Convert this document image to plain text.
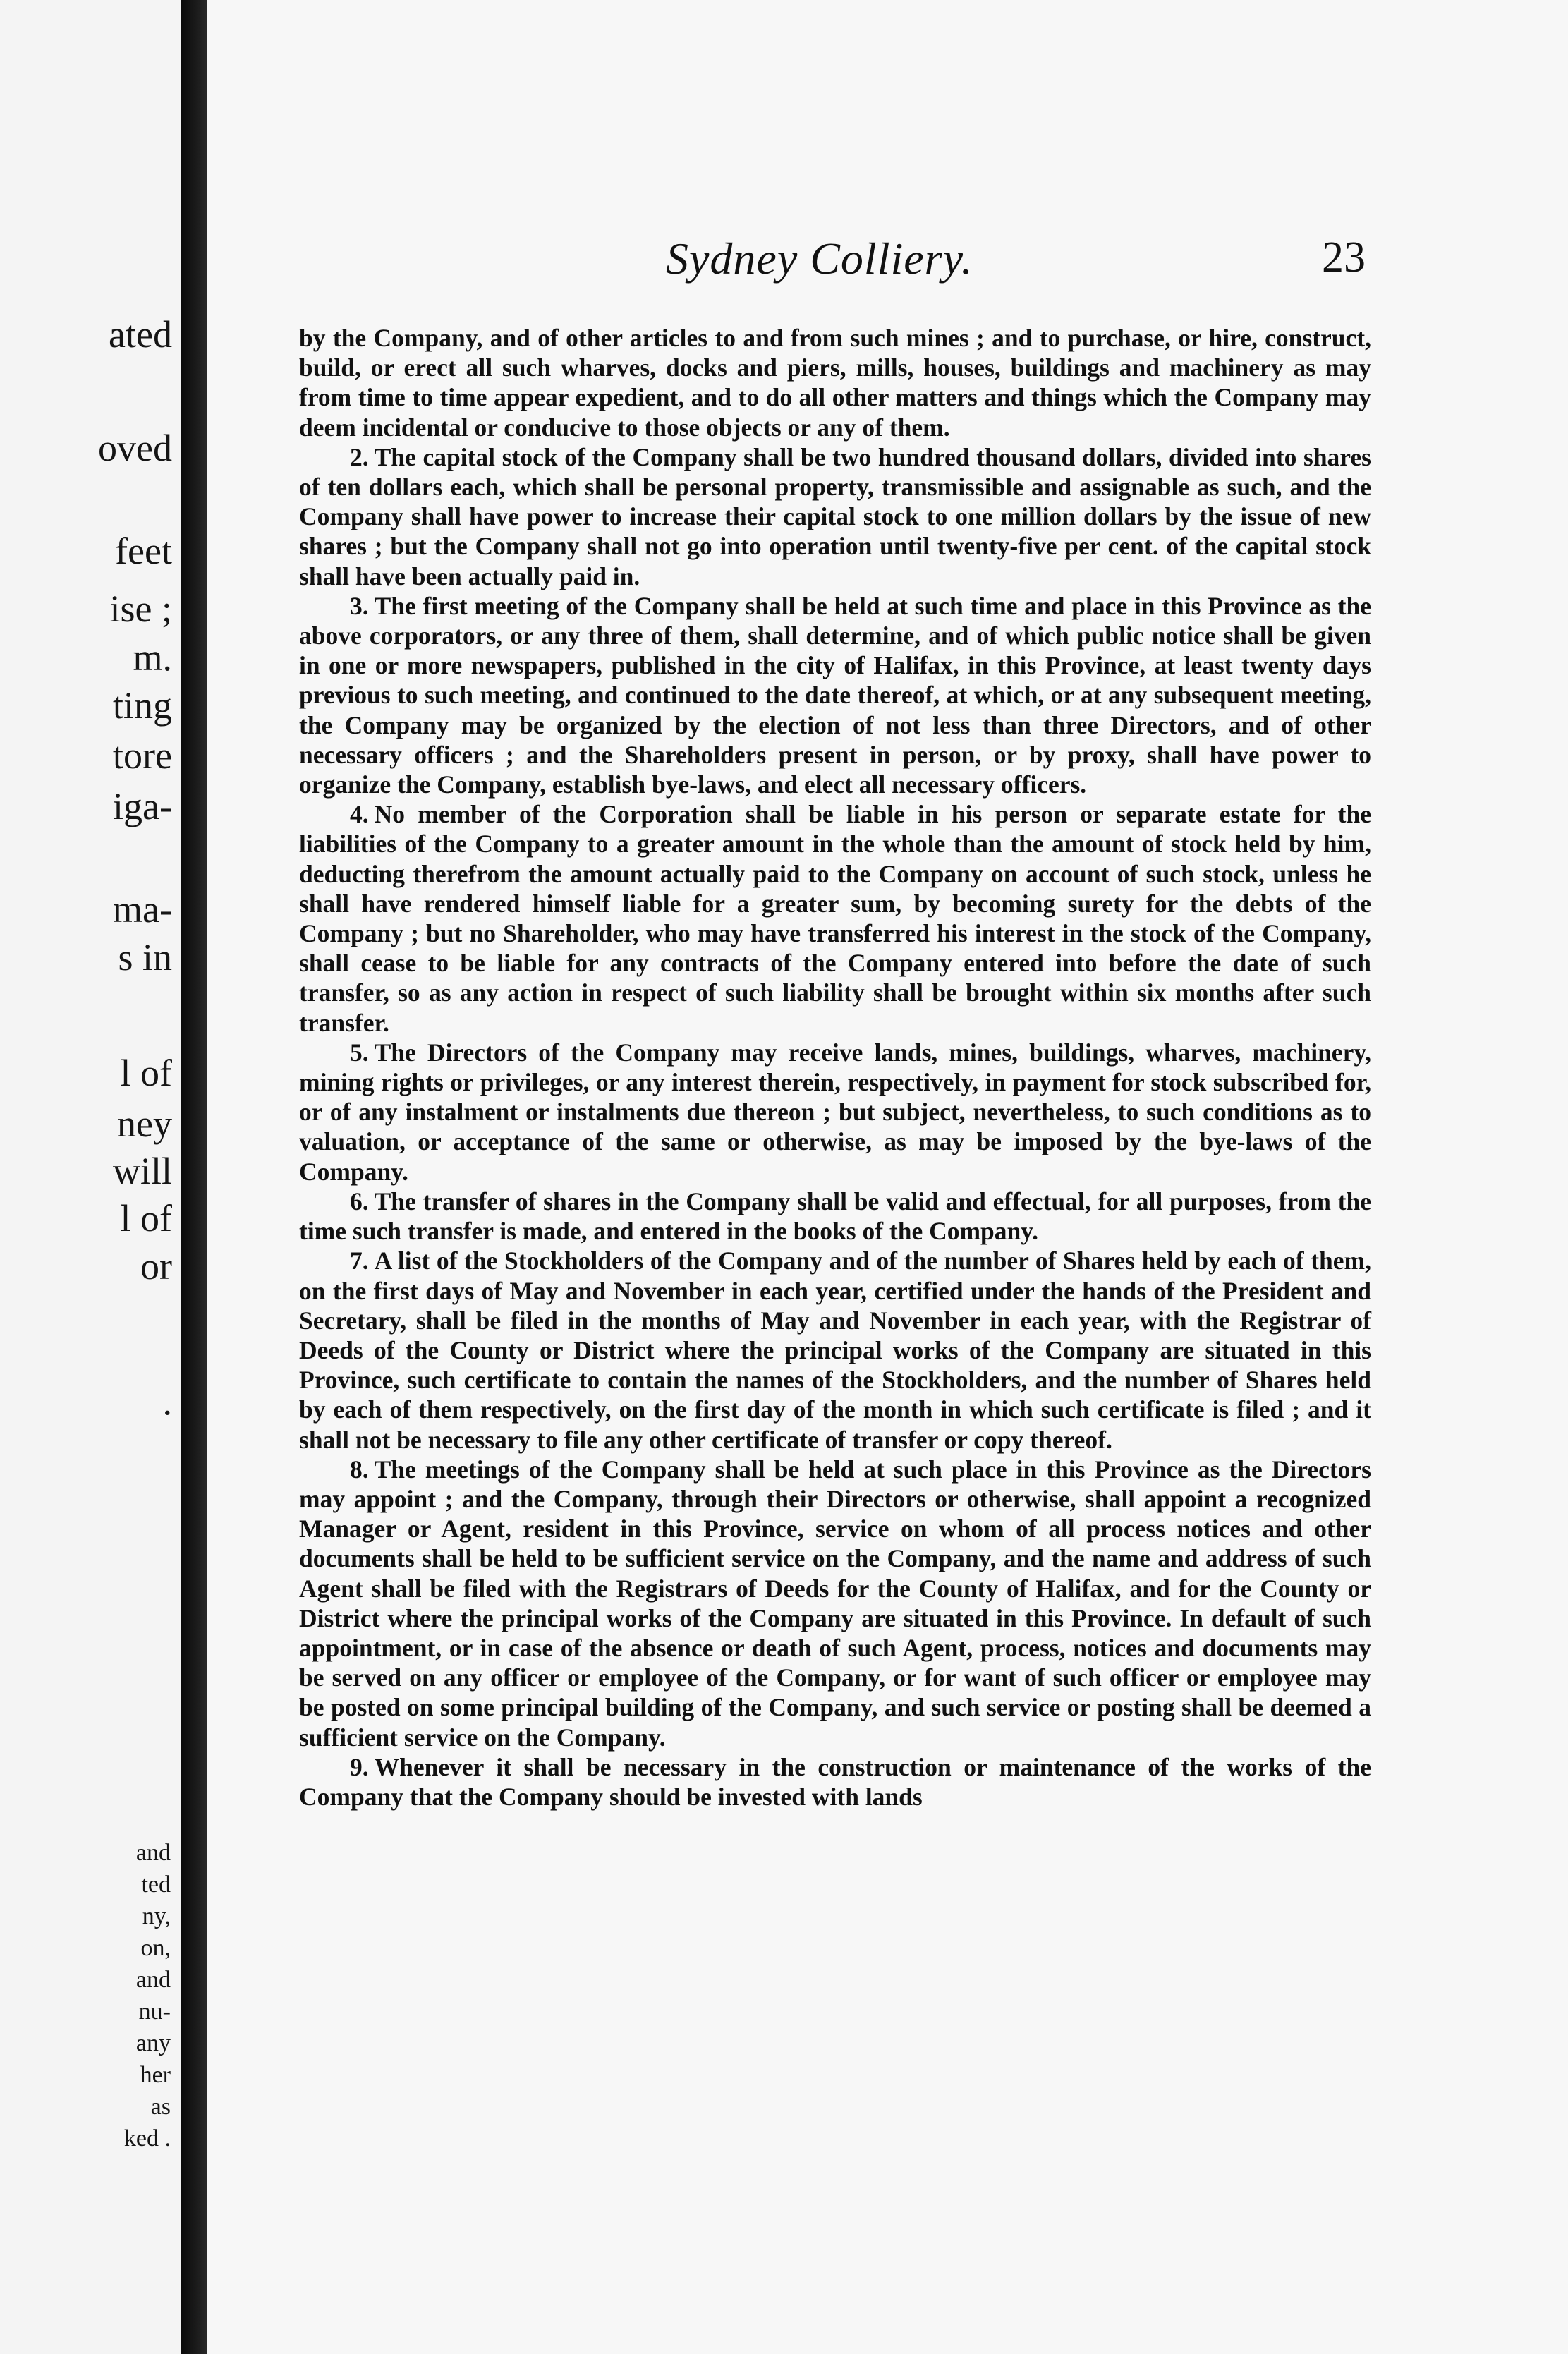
ated
oved
feet
ise ;
m.
ting
tore
iga-
ma-
s in
l of
ney
will
l of
or
.
and
ted
ny,
on,
and
nu-
any
her
as
ked .
Sydney Colliery.	23

by the Company, and of other articles to and from such mines ; and to purchase, or hire, construct, build, or erect all such wharves, docks and piers, mills, houses, buildings and machinery as may from time to time appear expedient, and to do all other matters and things which the Company may deem incidental or conducive to those objects or any of them.

2. The capital stock of the Company shall be two hundred thousand dollars, divided into shares of ten dollars each, which shall be personal property, transmissible and assignable as such, and the Company shall have power to increase their capital stock to one million dollars by the issue of new shares ; but the Company shall not go into operation until twenty-five per cent. of the capital stock shall have been actually paid in.

3. The first meeting of the Company shall be held at such time and place in this Province as the above corporators, or any three of them, shall determine, and of which public notice shall be given in one or more newspapers, published in the city of Halifax, in this Province, at least twenty days previous to such meeting, and continued to the date thereof, at which, or at any subsequent meeting, the Company may be organized by the election of not less than three Directors, and of other necessary officers ; and the Shareholders present in person, or by proxy, shall have power to organize the Company, establish bye-laws, and elect all necessary officers.

4. No member of the Corporation shall be liable in his person or separate estate for the liabilities of the Company to a greater amount in the whole than the amount of stock held by him, deducting therefrom the amount actually paid to the Company on account of such stock, unless he shall have rendered himself liable for a greater sum, by becoming surety for the debts of the Company ; but no Shareholder, who may have transferred his interest in the stock of the Company, shall cease to be liable for any contracts of the Company entered into before the date of such transfer, so as any action in respect of such liability shall be brought within six months after such transfer.

5. The Directors of the Company may receive lands, mines, buildings, wharves, machinery, mining rights or privileges, or any interest therein, respectively, in payment for stock subscribed for, or of any instalment or instalments due thereon ; but subject, nevertheless, to such conditions as to valuation, or acceptance of the same or otherwise, as may be imposed by the bye-laws of the Company.

6. The transfer of shares in the Company shall be valid and effectual, for all purposes, from the time such transfer is made, and entered in the books of the Company.

7. A list of the Stockholders of the Company and of the number of Shares held by each of them, on the first days of May and November in each year, certified under the hands of the President and Secretary, shall be filed in the months of May and November in each year, with the Registrar of Deeds of the County or District where the principal works of the Company are situated in this Province, such certificate to contain the names of the Stockholders, and the number of Shares held by each of them respectively, on the first day of the month in which such certificate is filed ; and it shall not be necessary to file any other certificate of transfer or copy thereof.

8. The meetings of the Company shall be held at such place in this Province as the Directors may appoint ; and the Company, through their Directors or otherwise, shall appoint a recognized Manager or Agent, resident in this Province, service on whom of all process notices and other documents shall be held to be sufficient service on the Company, and the name and address of such Agent shall be filed with the Registrars of Deeds for the County of Halifax, and for the County or District where the principal works of the Company are situated in this Province. In default of such appointment, or in case of the absence or death of such Agent, process, notices and documents may be served on any officer or employee of the Company, or for want of such officer or employee may be posted on some principal building of the Company, and such service or posting shall be deemed a sufficient service on the Company.

9. Whenever it shall be necessary in the construction or maintenance of the works of the Company that the Company should be invested with lands
